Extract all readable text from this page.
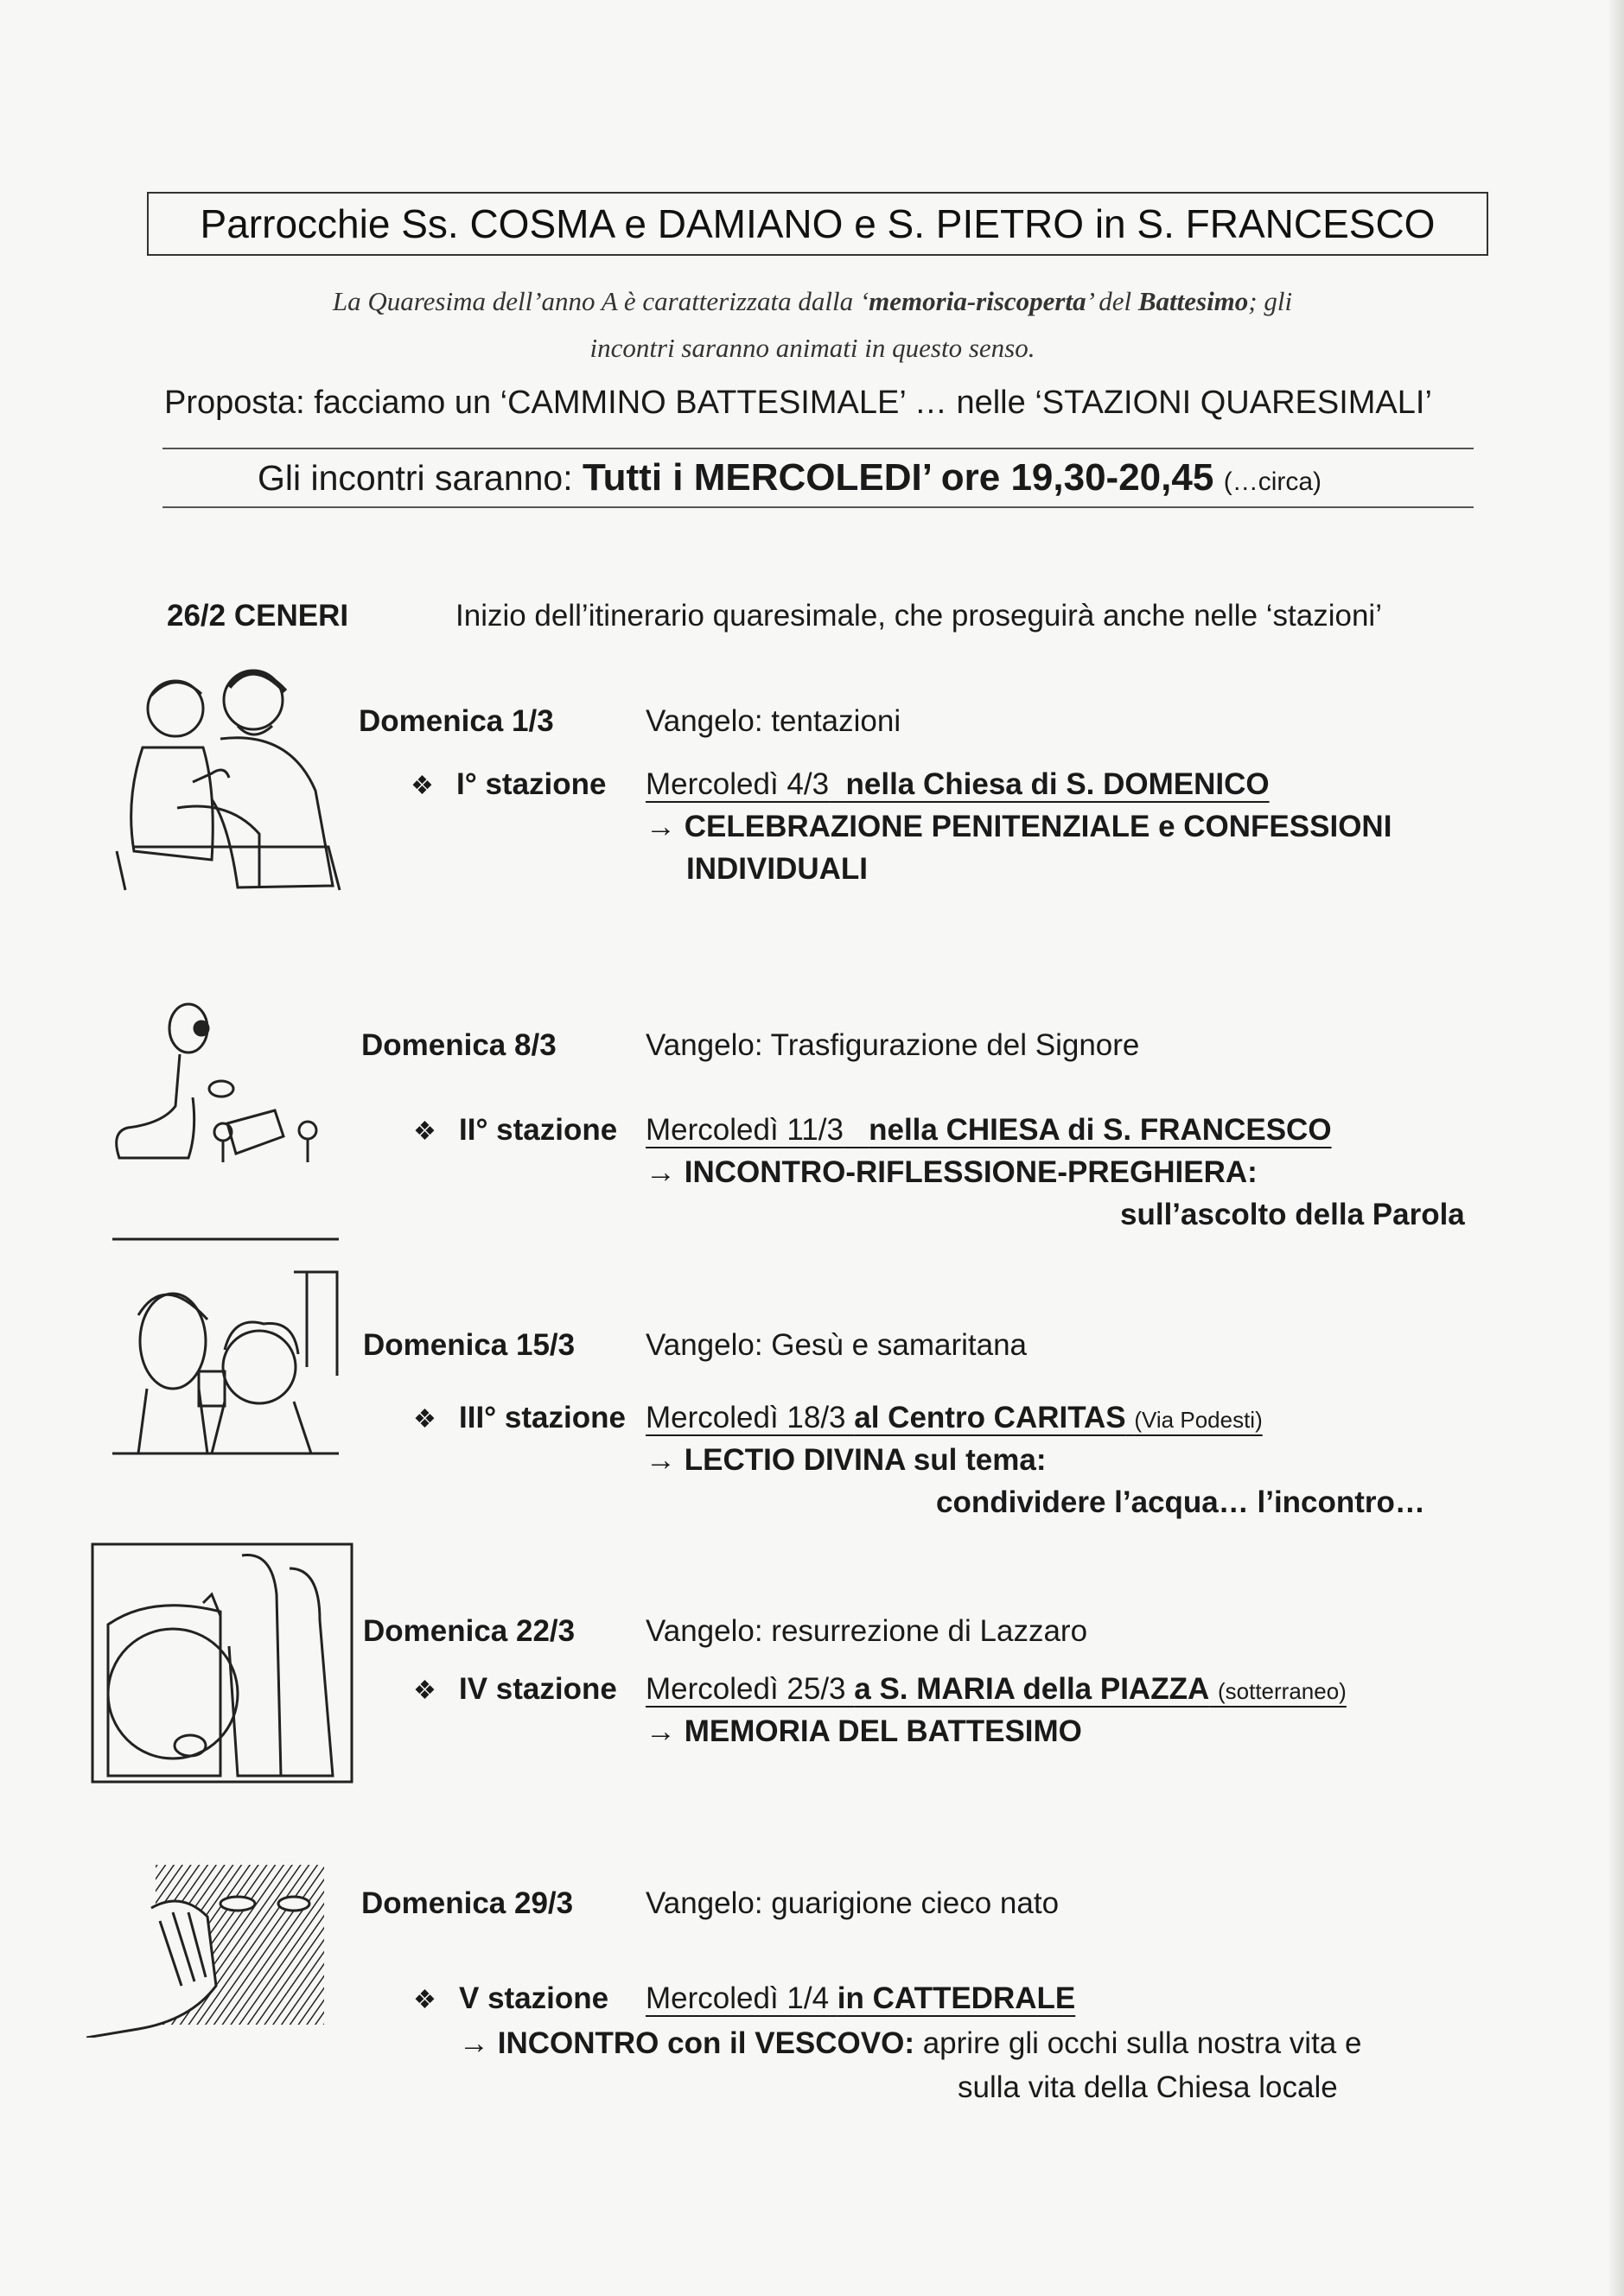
Parrocchie Ss. COSMA e DAMIANO e S. PIETRO in S. FRANCESCO
La Quaresima dell’anno A è caratterizzata dalla ‘memoria-riscoperta’ del Battesimo; gli
incontri saranno animati in questo senso.
Proposta: facciamo un ‘CAMMINO BATTESIMALE’ … nelle ‘STAZIONI QUARESIMALI’
Gli incontri saranno: Tutti i MERCOLEDI’ ore 19,30-20,45 (…circa)
26/2 CENERI	Inizio dell’itinerario quaresimale, che proseguirà anche nelle ‘stazioni’
Domenica 1/3	Vangelo: tentazioni
❖ I° stazione Mercoledì 4/3 nella Chiesa di S. DOMENICO
→ CELEBRAZIONE PENITENZIALE e CONFESSIONI
INDIVIDUALI
Domenica 8/3	Vangelo: Trasfigurazione del Signore
❖ II° stazione Mercoledì 11/3 nella CHIESA di S. FRANCESCO
→ INCONTRO-RIFLESSIONE-PREGHIERA:
sull’ascolto della Parola
Domenica 15/3 Vangelo: Gesù e samaritana
❖ III° stazione Mercoledì 18/3 al Centro CARITAS (Via Podesti)
→ LECTIO DIVINA sul tema:
condividere l’acqua… l’incontro…
Domenica 22/3 Vangelo: resurrezione di Lazzaro
❖ IV stazione Mercoledì 25/3 a S. MARIA della PIAZZA (sotterraneo)
→ MEMORIA DEL BATTESIMO
Domenica 29/3 Vangelo: guarigione cieco nato
❖ V stazione Mercoledì 1/4 in CATTEDRALE
→ INCONTRO con il VESCOVO: aprire gli occhi sulla nostra vita e
sulla vita della Chiesa locale
